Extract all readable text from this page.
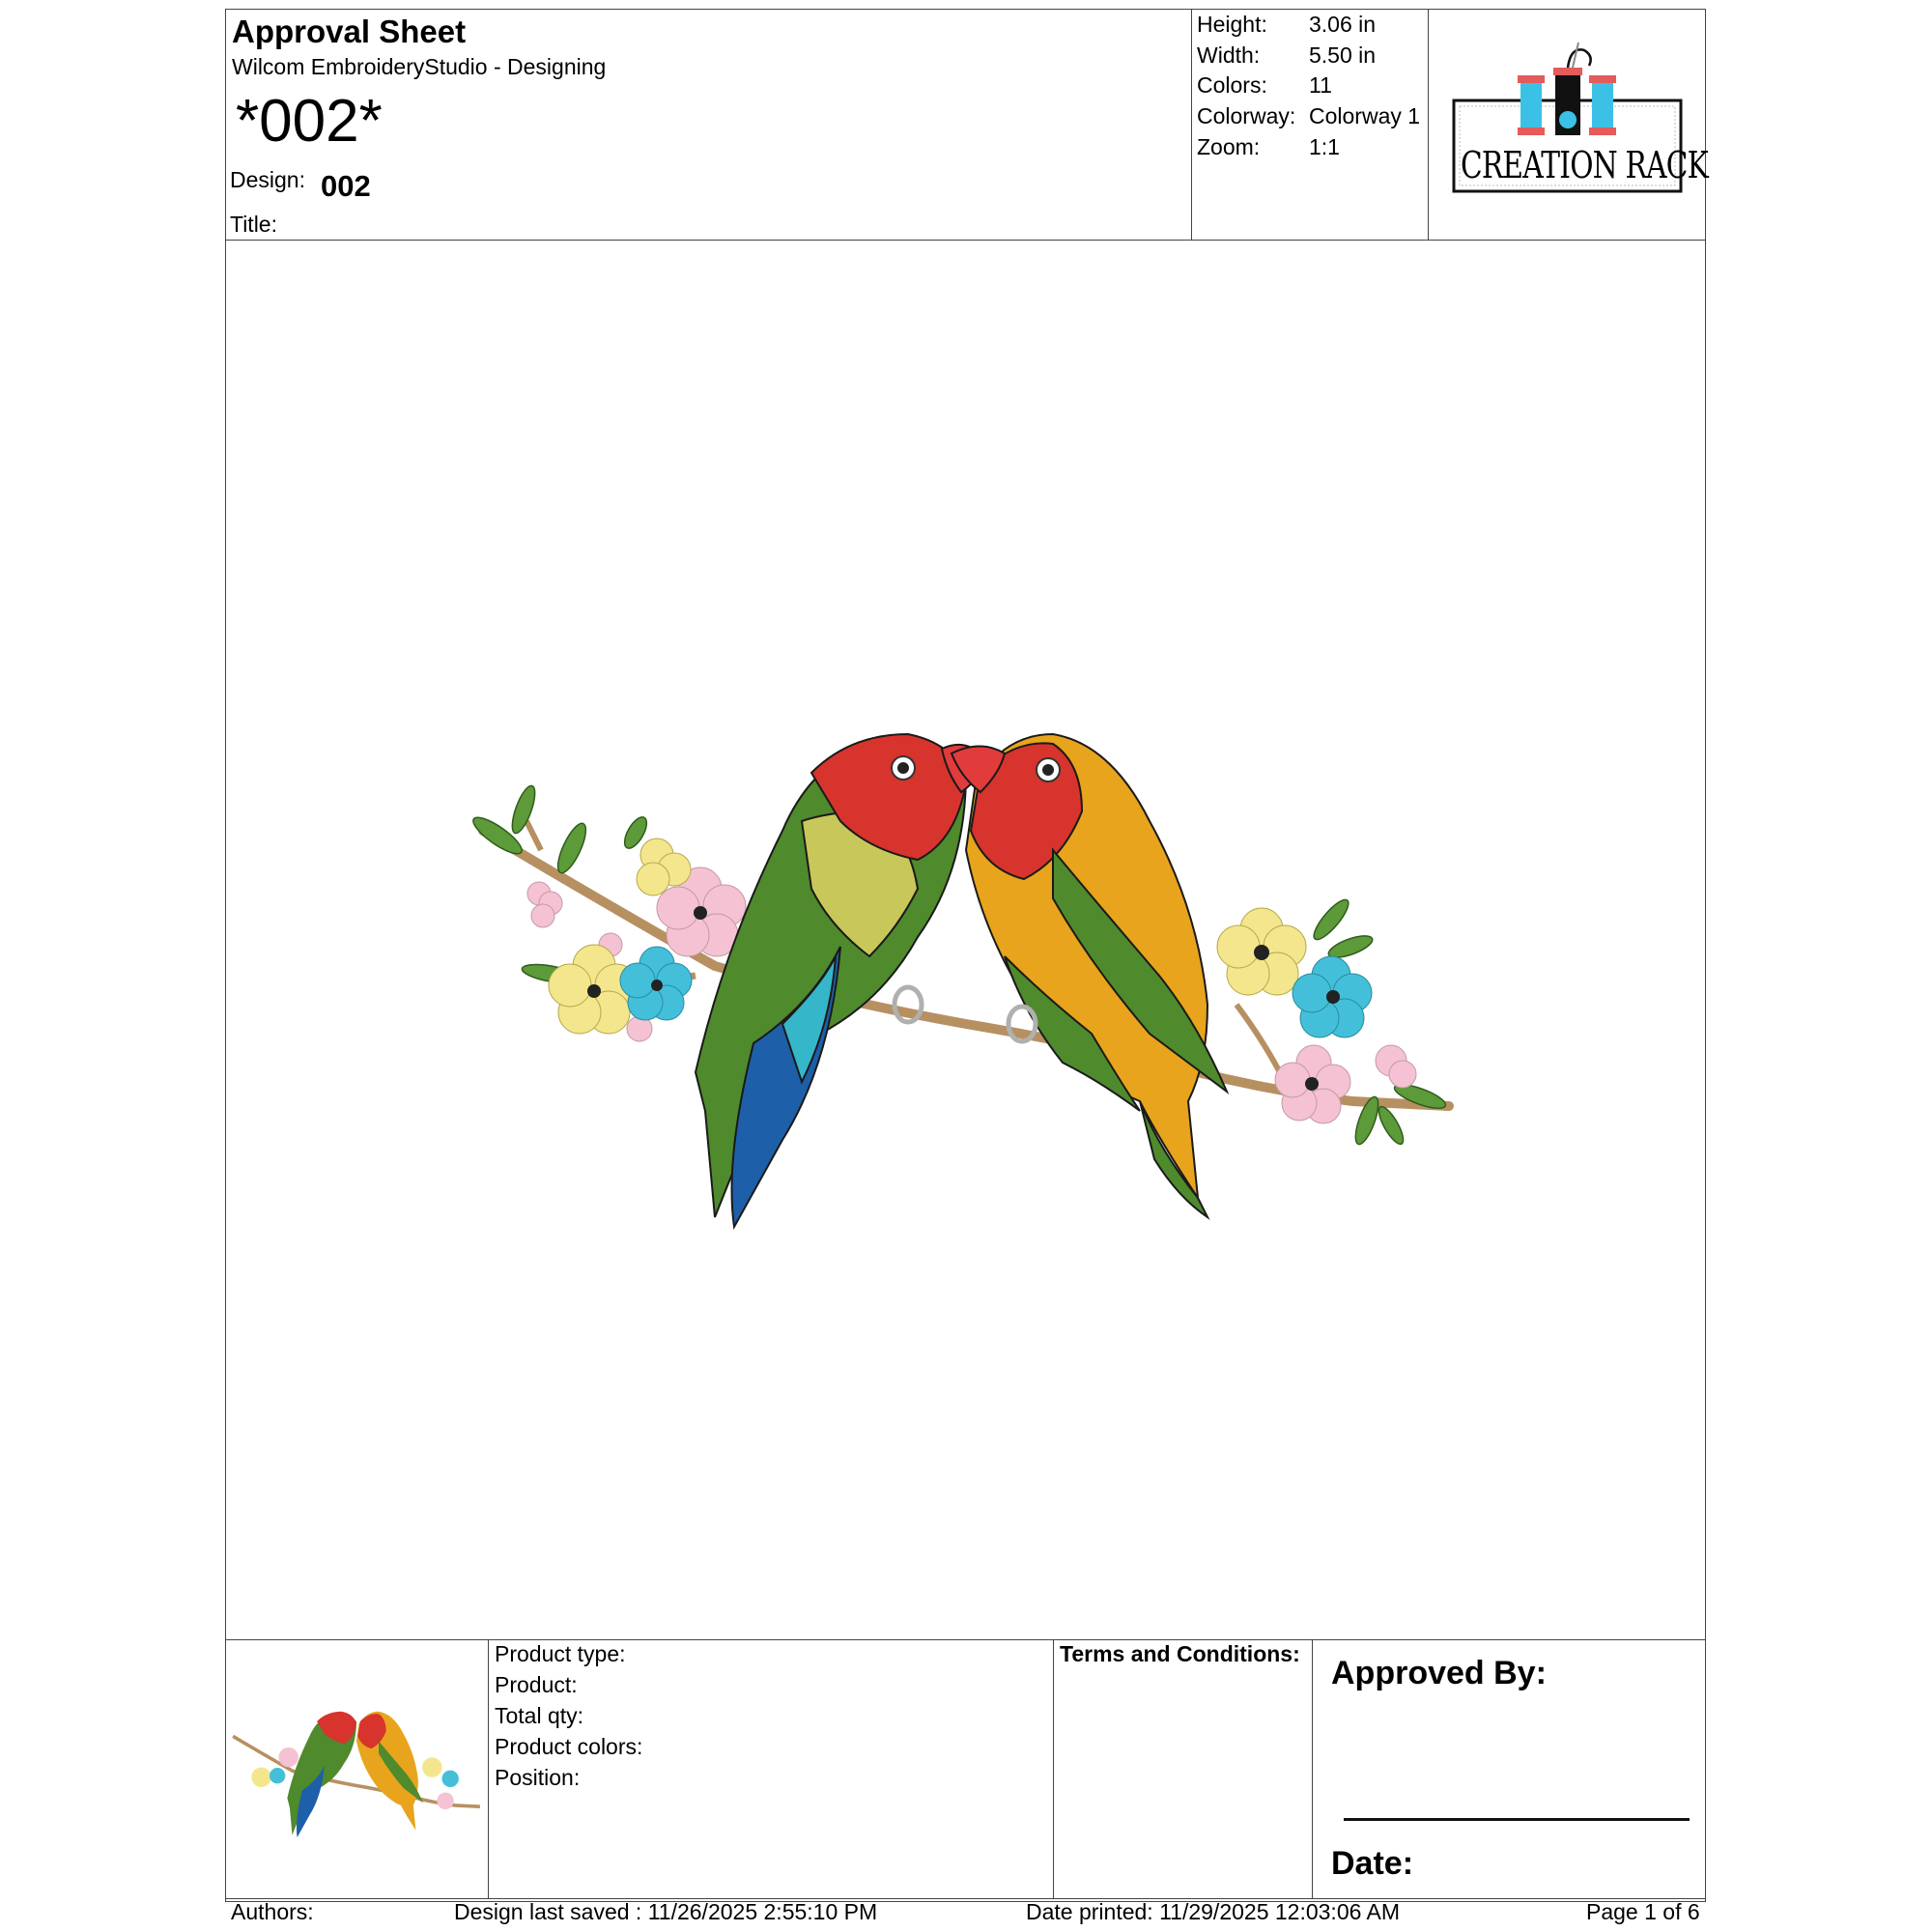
Approval Sheet
Wilcom EmbroideryStudio - Designing
*002*
Design: 002
Title:
Height: 3.06 in
Width: 5.50 in
Colors: 11
Colorway: Colorway 1
Zoom: 1:1	CREATION RACK
Product type:
Product:
Total qty:
Product colors:
Position:
Terms and Conditions:
Approved By:
Date:
Authors:	Design last saved : 11/26/2025 2:55:10 PM	Date printed: 11/29/2025 12:03:06 AM	Page 1 of 6
